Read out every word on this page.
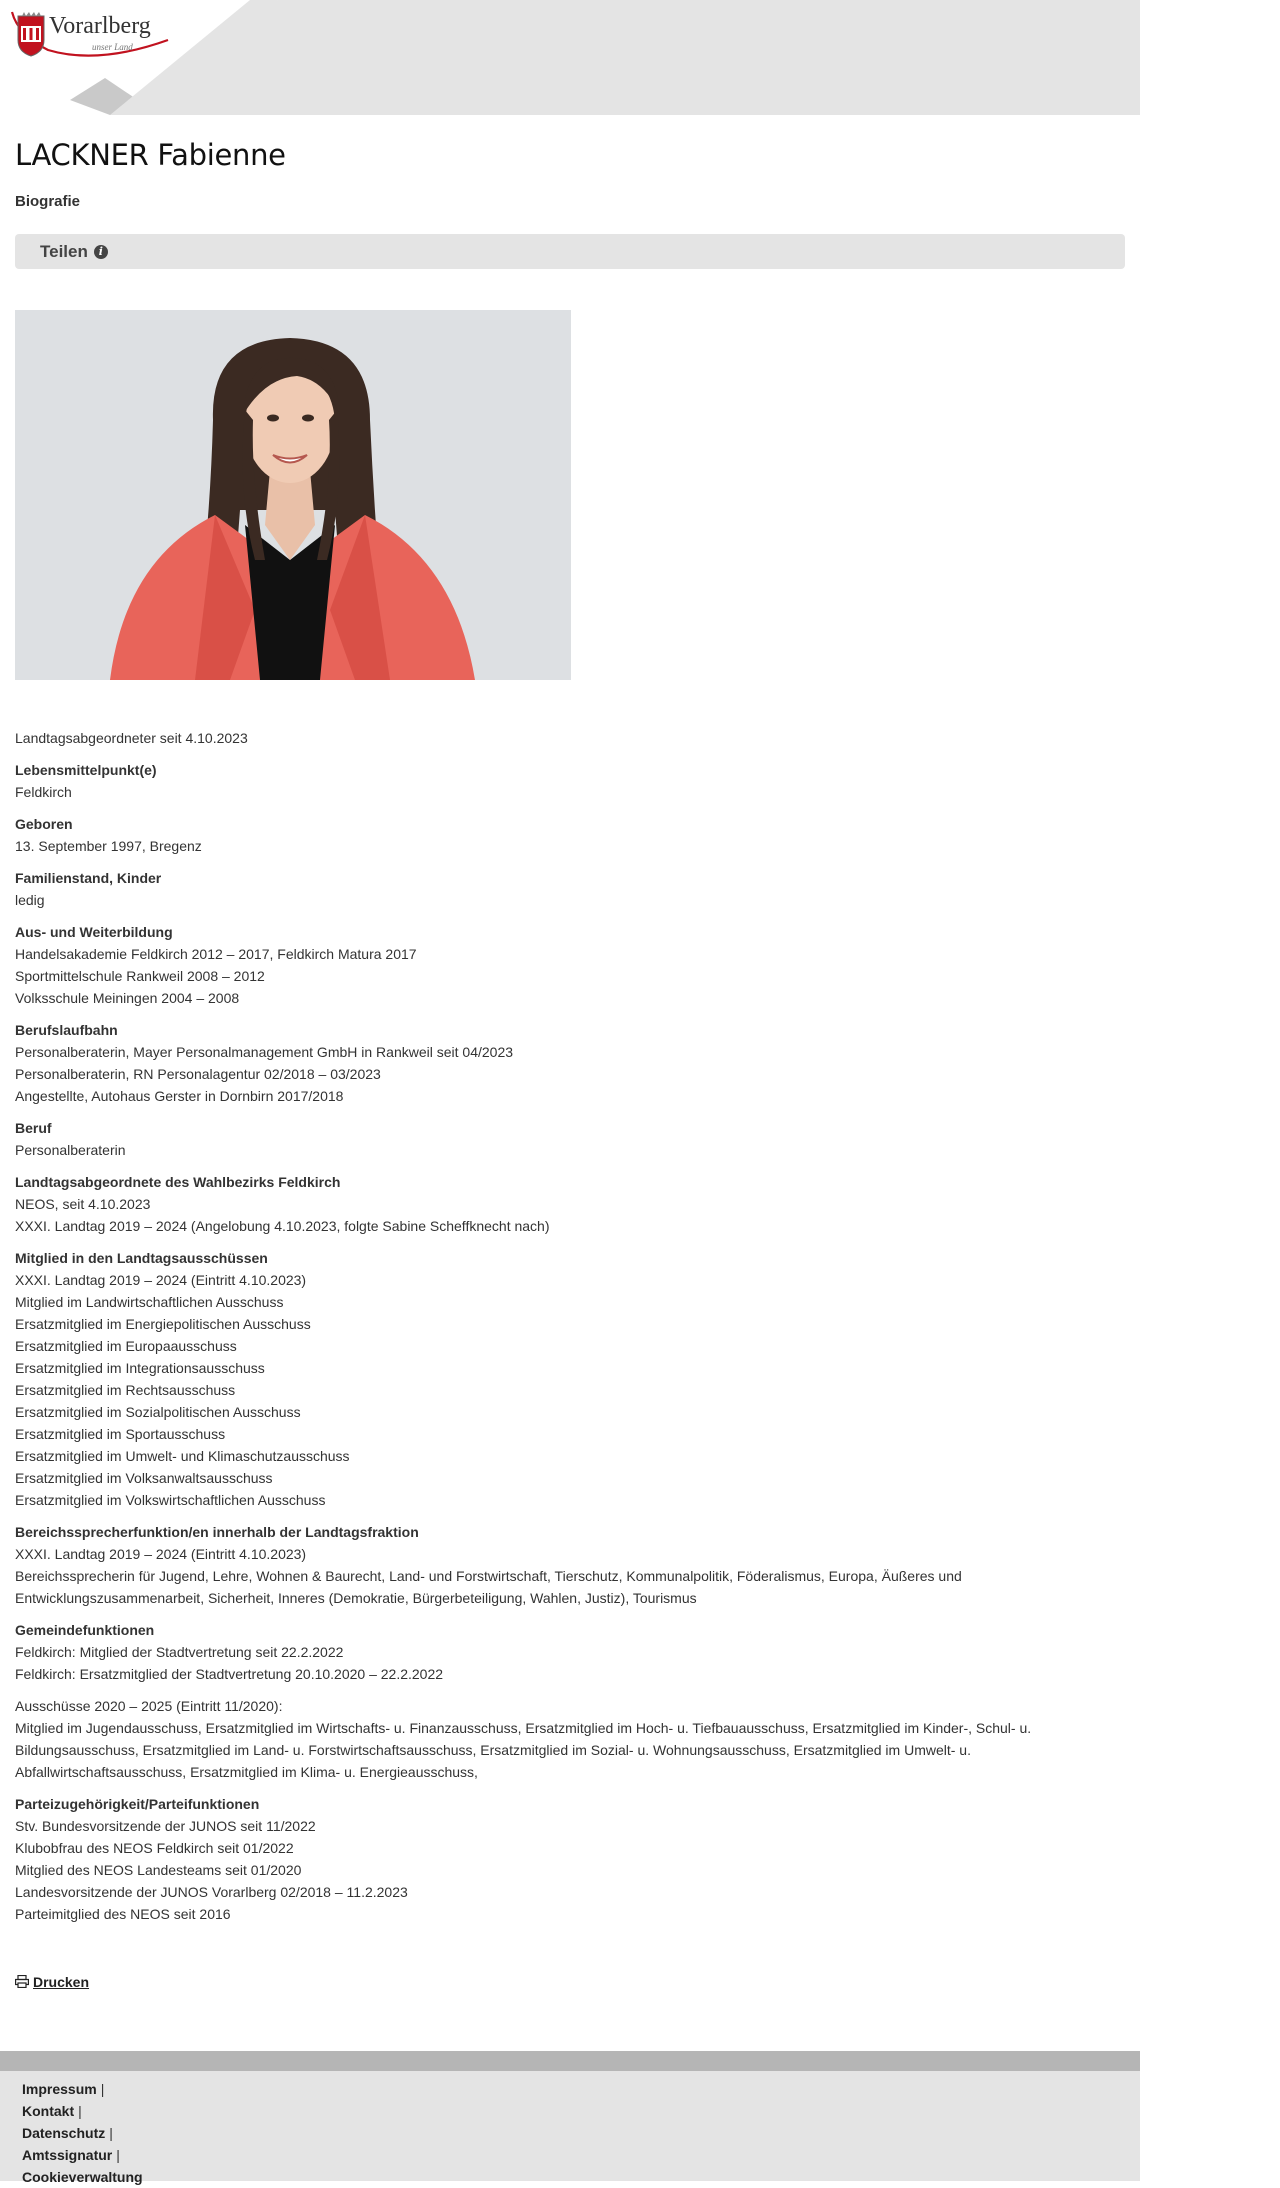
Vorarlberg
unser Land
LACKNER Fabienne
Biografie
Teilen i

Landtagsabgeordneter seit 4.10.2023

Lebensmittelpunkt(e)

Feldkirch

Geboren

13. September 1997, Bregenz

Familienstand, Kinder

ledig

Aus- und Weiterbildung

Handelsakademie Feldkirch 2012 – 2017, Feldkirch Matura 2017

Sportmittelschule Rankweil 2008 – 2012

Volksschule Meiningen 2004 – 2008

Berufslaufbahn

Personalberaterin, Mayer Personalmanagement GmbH in Rankweil seit 04/2023

Personalberaterin, RN Personalagentur 02/2018 – 03/2023

Angestellte, Autohaus Gerster in Dornbirn 2017/2018

Beruf

Personalberaterin

Landtagsabgeordnete des Wahlbezirks Feldkirch

NEOS, seit 4.10.2023

XXXI. Landtag 2019 – 2024 (Angelobung 4.10.2023, folgte Sabine Scheffknecht nach)

Mitglied in den Landtagsausschüssen

XXXI. Landtag 2019 – 2024 (Eintritt 4.10.2023)

Mitglied im Landwirtschaftlichen Ausschuss

Ersatzmitglied im Energiepolitischen Ausschuss

Ersatzmitglied im Europaausschuss

Ersatzmitglied im Integrationsausschuss

Ersatzmitglied im Rechtsausschuss

Ersatzmitglied im Sozialpolitischen Ausschuss

Ersatzmitglied im Sportausschuss

Ersatzmitglied im Umwelt- und Klimaschutzausschuss

Ersatzmitglied im Volksanwaltsausschuss

Ersatzmitglied im Volkswirtschaftlichen Ausschuss

Bereichssprecherfunktion/en innerhalb der Landtagsfraktion

XXXI. Landtag 2019 – 2024 (Eintritt 4.10.2023)

Bereichssprecherin für Jugend, Lehre, Wohnen & Baurecht, Land- und Forstwirtschaft, Tierschutz, Kommunalpolitik, Föderalismus, Europa, Äußeres und Entwicklungszusammenarbeit, Sicherheit, Inneres (Demokratie, Bürgerbeteiligung, Wahlen, Justiz), Tourismus

Gemeindefunktionen

Feldkirch: Mitglied der Stadtvertretung seit 22.2.2022

Feldkirch: Ersatzmitglied der Stadtvertretung 20.10.2020 – 22.2.2022

Ausschüsse 2020 – 2025 (Eintritt 11/2020):

Mitglied im Jugendausschuss, Ersatzmitglied im Wirtschafts- u. Finanzausschuss, Ersatzmitglied im Hoch- u. Tiefbauausschuss, Ersatzmitglied im Kinder-, Schul- u. Bildungsausschuss, Ersatzmitglied im Land- u. Forstwirtschaftsausschuss, Ersatzmitglied im Sozial- u. Wohnungsausschuss, Ersatzmitglied im Umwelt- u. Abfallwirtschaftsausschuss, Ersatzmitglied im Klima- u. Energieausschuss,

Parteizugehörigkeit/Parteifunktionen

Stv. Bundesvorsitzende der JUNOS seit 11/2022

Klubobfrau des NEOS Feldkirch seit 01/2022

Mitglied des NEOS Landesteams seit 01/2020

Landesvorsitzende der JUNOS Vorarlberg 02/2018 – 11.2.2023

Parteimitglied des NEOS seit 2016

Drucken
Impressum |
Kontakt |
Datenschutz |
Amtssignatur |
Cookieverwaltung
